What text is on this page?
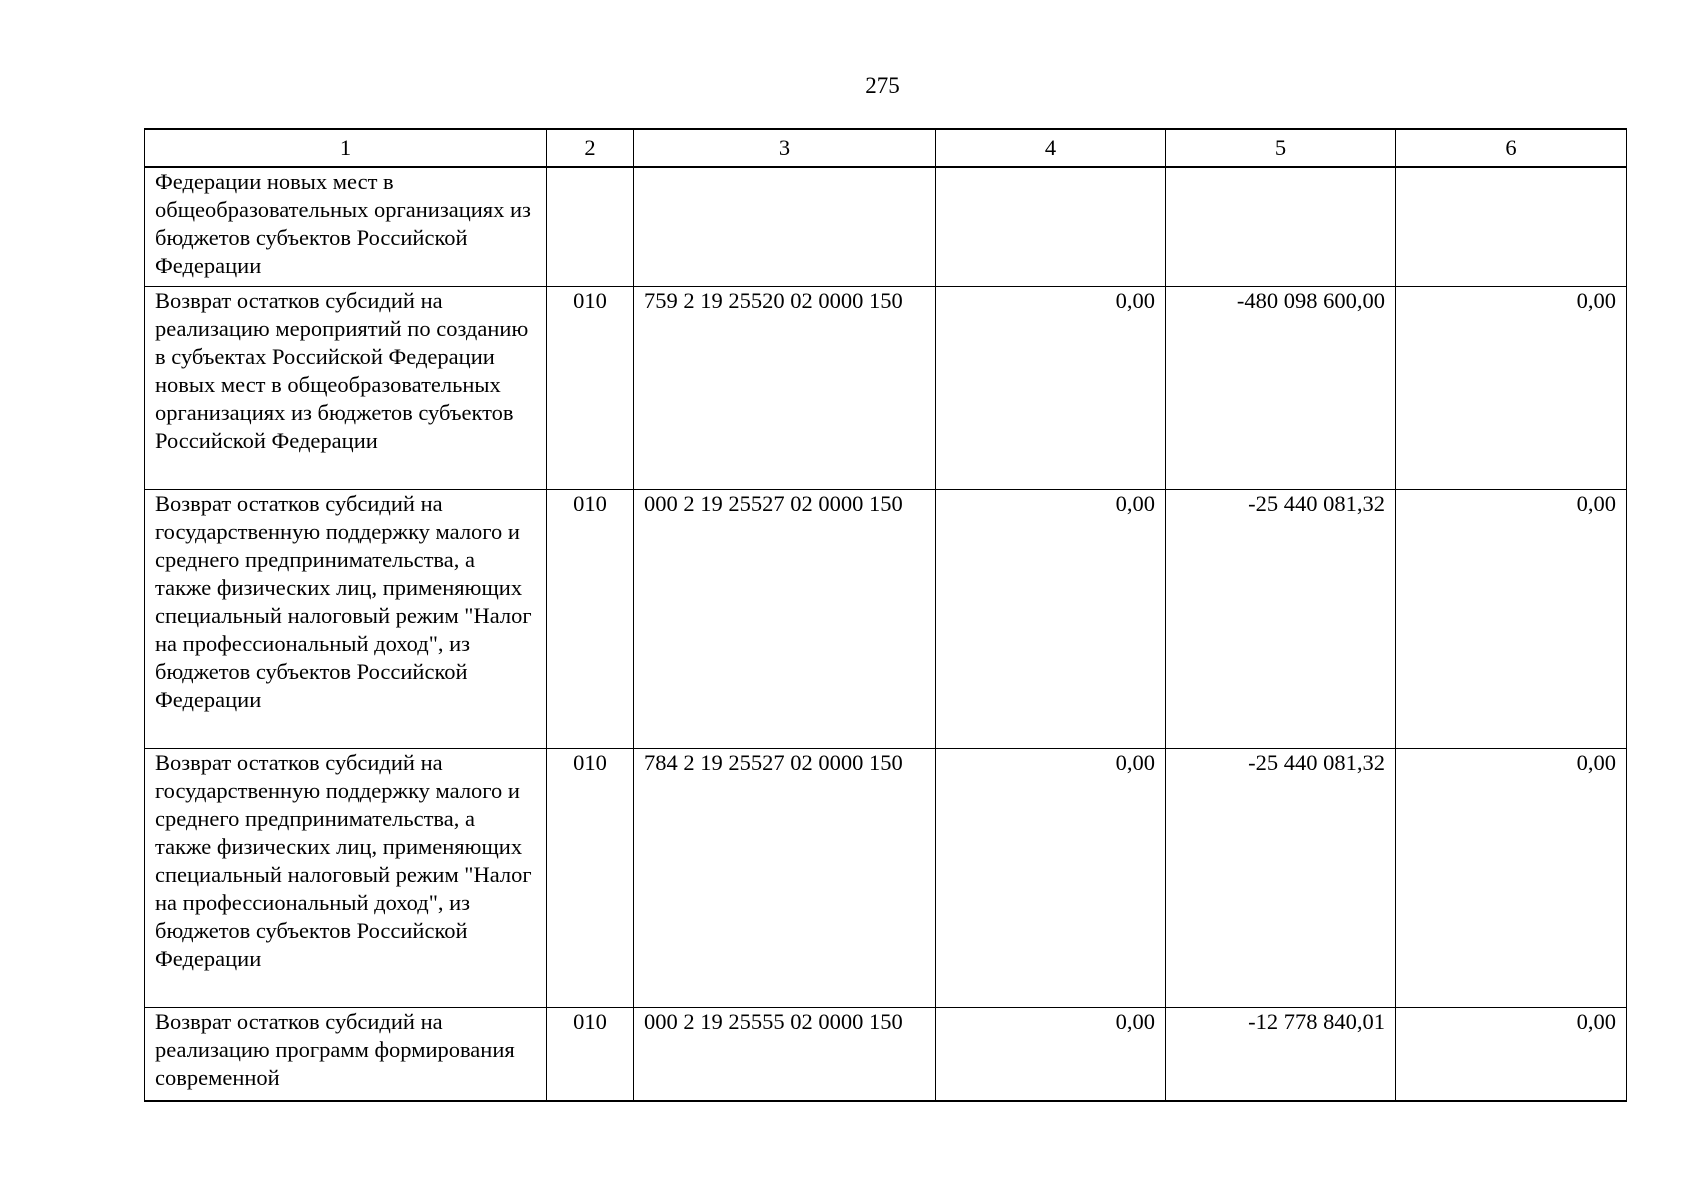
275
1	2	3	4	5	6
Федерации новых мест в общеобразовательных организациях из бюджетов субъектов Российской Федерации					
Возврат остатков субсидий на реализацию мероприятий по созданию в субъектах Российской Федерации новых мест в общеобразовательных организациях из бюджетов субъектов Российской Федерации	010	759 2 19 25520 02 0000 150	0,00	-480 098 600,00	0,00
Возврат остатков субсидий на государственную поддержку малого и среднего предпринимательства, а также физических лиц, применяющих специальный налоговый режим "Налог на профессиональный доход", из бюджетов субъектов Российской Федерации	010	000 2 19 25527 02 0000 150	0,00	-25 440 081,32	0,00
Возврат остатков субсидий на государственную поддержку малого и среднего предпринимательства, а также физических лиц, применяющих специальный налоговый режим "Налог на профессиональный доход", из бюджетов субъектов Российской Федерации	010	784 2 19 25527 02 0000 150	0,00	-25 440 081,32	0,00
Возврат остатков субсидий на реализацию программ формирования современной	010	000 2 19 25555 02 0000 150	0,00	-12 778 840,01	0,00
